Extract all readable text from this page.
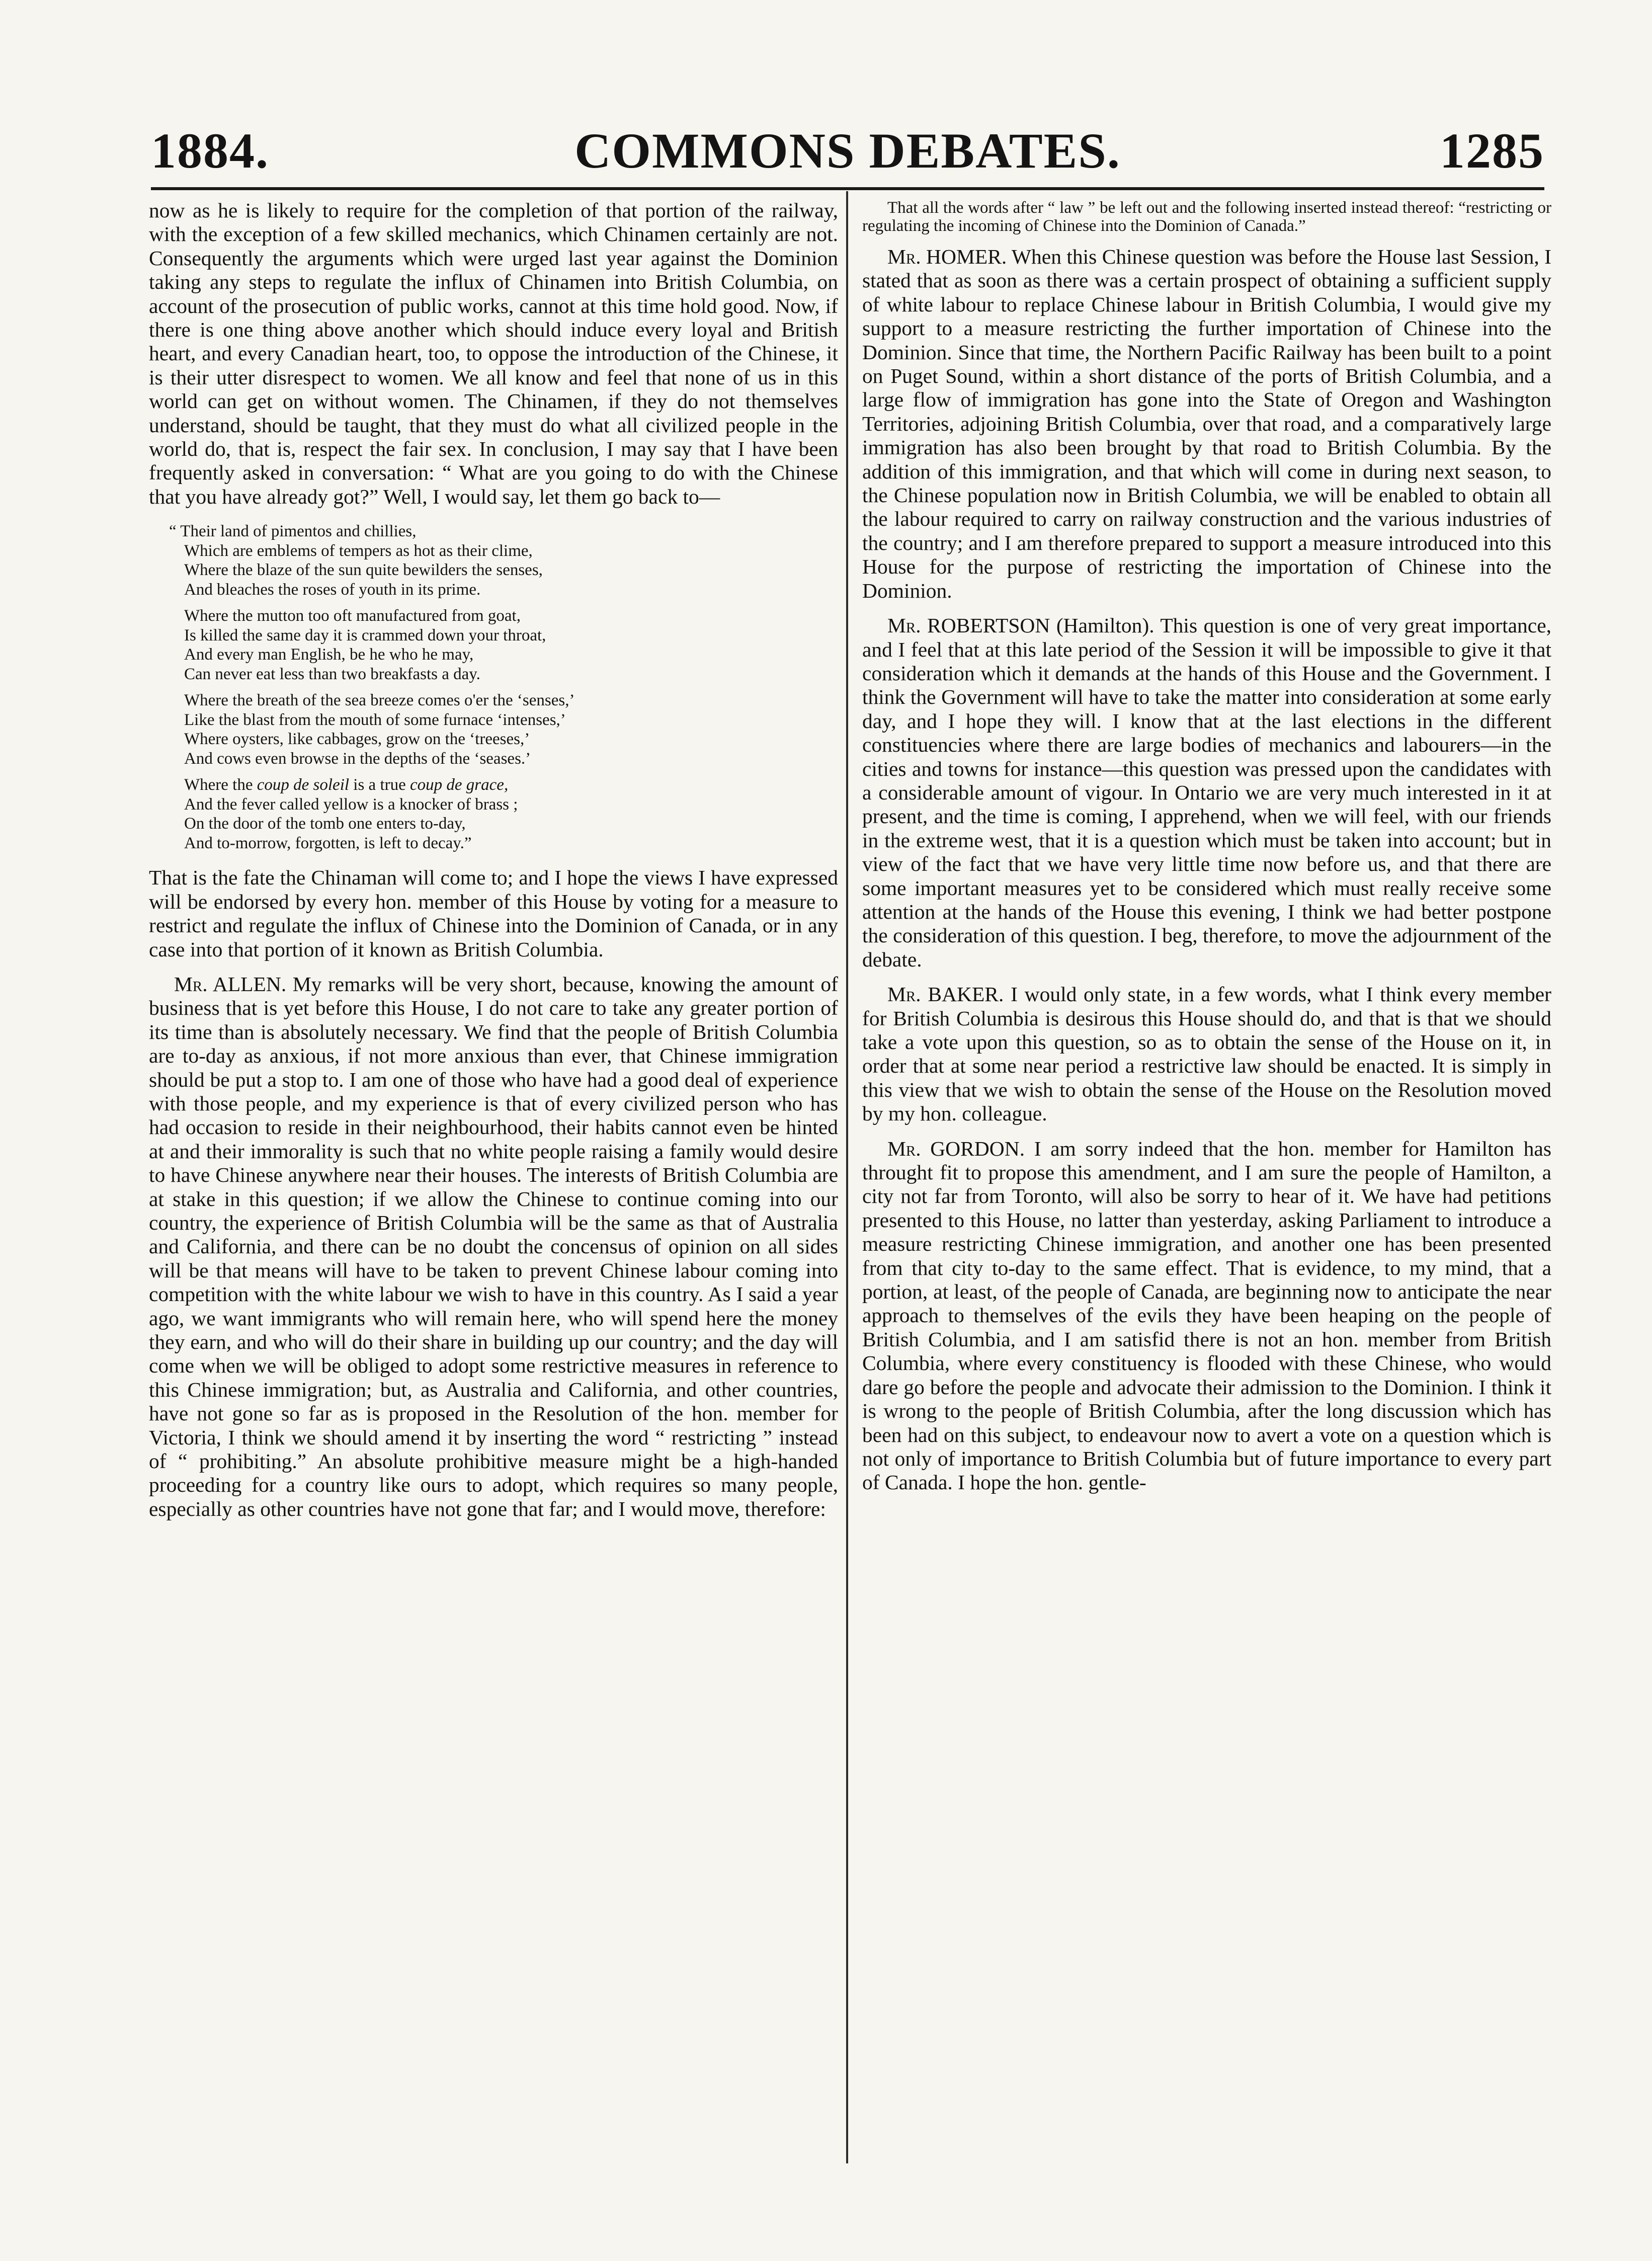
1884.	COMMONS DEBATES.	1285

now as he is likely to require for the completion of that portion of the railway, with the exception of a few skilled mechanics, which Chinamen certainly are not. Consequently the arguments which were urged last year against the Dominion taking any steps to regulate the influx of Chinamen into British Columbia, on account of the prosecution of public works, cannot at this time hold good. Now, if there is one thing above another which should induce every loyal and British heart, and every Canadian heart, too, to oppose the introduction of the Chinese, it is their utter disrespect to women. We all know and feel that none of us in this world can get on without women. The Chinamen, if they do not themselves understand, should be taught, that they must do what all civilized people in the world do, that is, respect the fair sex. In conclusion, I may say that I have been frequently asked in conversation: “ What are you going to do with the Chinese that you have already got?” Well, I would say, let them go back to—

“ Their land of pimentos and chillies,
Which are emblems of tempers as hot as their clime,
Where the blaze of the sun quite bewilders the senses,
And bleaches the roses of youth in its prime.
Where the mutton too oft manufactured from goat,
Is killed the same day it is crammed down your throat,
And every man English, be he who he may,
Can never eat less than two breakfasts a day.
Where the breath of the sea breeze comes o'er the ‘senses,’
Like the blast from the mouth of some furnace ‘intenses,’
Where oysters, like cabbages, grow on the ‘treeses,’
And cows even browse in the depths of the ‘seases.’
Where the coup de soleil is a true coup de grace,
And the fever called yellow is a knocker of brass ;
On the door of the tomb one enters to-day,
And to-morrow, forgotten, is left to decay.”

That is the fate the Chinaman will come to; and I hope the views I have expressed will be endorsed by every hon. member of this House by voting for a measure to restrict and regulate the influx of Chinese into the Dominion of Canada, or in any case into that portion of it known as British Columbia.

Mr. ALLEN. My remarks will be very short, because, knowing the amount of business that is yet before this House, I do not care to take any greater portion of its time than is absolutely necessary. We find that the people of British Columbia are to-day as anxious, if not more anxious than ever, that Chinese immigration should be put a stop to. I am one of those who have had a good deal of experience with those people, and my experience is that of every civilized person who has had occasion to reside in their neighbourhood, their habits cannot even be hinted at and their immorality is such that no white people raising a family would desire to have Chinese anywhere near their houses. The interests of British Columbia are at stake in this question; if we allow the Chinese to continue coming into our country, the experience of British Columbia will be the same as that of Australia and California, and there can be no doubt the concensus of opinion on all sides will be that means will have to be taken to prevent Chinese labour coming into competition with the white labour we wish to have in this country. As I said a year ago, we want immigrants who will remain here, who will spend here the money they earn, and who will do their share in building up our country; and the day will come when we will be obliged to adopt some restrictive measures in reference to this Chinese immigration; but, as Australia and California, and other countries, have not gone so far as is proposed in the Resolution of the hon. member for Victoria, I think we should amend it by inserting the word “ restricting ” instead of “ prohibiting.” An absolute prohibitive measure might be a high-handed proceeding for a country like ours to adopt, which requires so many people, especially as other countries have not gone that far; and I would move, therefore:

That all the words after “ law ” be left out and the following inserted instead thereof: “restricting or regulating the incoming of Chinese into the Dominion of Canada.”

Mr. HOMER. When this Chinese question was before the House last Session, I stated that as soon as there was a certain prospect of obtaining a sufficient supply of white labour to replace Chinese labour in British Columbia, I would give my support to a measure restricting the further importation of Chinese into the Dominion. Since that time, the Northern Pacific Railway has been built to a point on Puget Sound, within a short distance of the ports of British Columbia, and a large flow of immigration has gone into the State of Oregon and Washington Territories, adjoining British Columbia, over that road, and a comparatively large immigration has also been brought by that road to British Columbia. By the addition of this immigration, and that which will come in during next season, to the Chinese population now in British Columbia, we will be enabled to obtain all the labour required to carry on railway construction and the various industries of the country; and I am therefore prepared to support a measure introduced into this House for the purpose of restricting the importation of Chinese into the Dominion.

Mr. ROBERTSON (Hamilton). This question is one of very great importance, and I feel that at this late period of the Session it will be impossible to give it that consideration which it demands at the hands of this House and the Government. I think the Government will have to take the matter into consideration at some early day, and I hope they will. I know that at the last elections in the different constituencies where there are large bodies of mechanics and labourers—in the cities and towns for instance—this question was pressed upon the candidates with a considerable amount of vigour. In Ontario we are very much interested in it at present, and the time is coming, I apprehend, when we will feel, with our friends in the extreme west, that it is a question which must be taken into account; but in view of the fact that we have very little time now before us, and that there are some important measures yet to be considered which must really receive some attention at the hands of the House this evening, I think we had better postpone the consideration of this question. I beg, therefore, to move the adjournment of the debate.

Mr. BAKER. I would only state, in a few words, what I think every member for British Columbia is desirous this House should do, and that is that we should take a vote upon this question, so as to obtain the sense of the House on it, in order that at some near period a restrictive law should be enacted. It is simply in this view that we wish to obtain the sense of the House on the Resolution moved by my hon. colleague.

Mr. GORDON. I am sorry indeed that the hon. member for Hamilton has throught fit to propose this amendment, and I am sure the people of Hamilton, a city not far from Toronto, will also be sorry to hear of it. We have had petitions presented to this House, no latter than yesterday, asking Parliament to introduce a measure restricting Chinese immigration, and another one has been presented from that city to-day to the same effect. That is evidence, to my mind, that a portion, at least, of the people of Canada, are beginning now to anticipate the near approach to themselves of the evils they have been heaping on the people of British Columbia, and I am satisfid there is not an hon. member from British Columbia, where every constituency is flooded with these Chinese, who would dare go before the people and advocate their admission to the Dominion. I think it is wrong to the people of British Columbia, after the long discussion which has been had on this subject, to endeavour now to avert a vote on a question which is not only of importance to British Columbia but of future importance to every part of Canada. I hope the hon. gentle-
